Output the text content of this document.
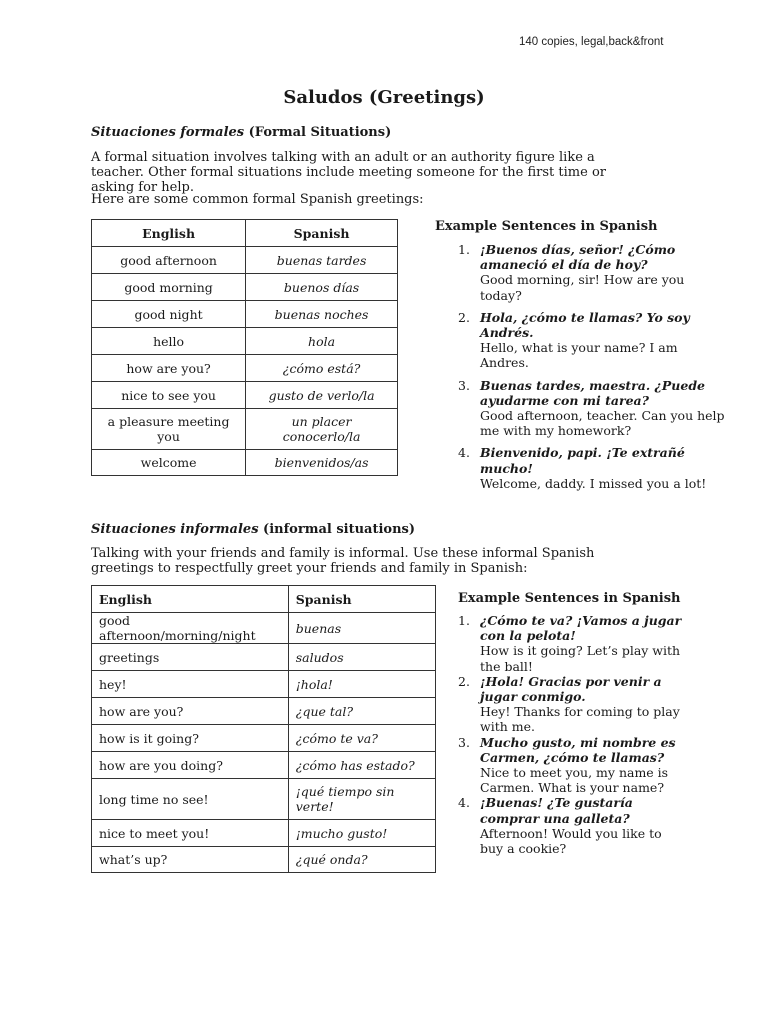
140 copies, legal,back&front
Saludos (Greetings)
Situaciones formales (Formal Situations)
A formal situation involves talking with an adult or an authority figure like a teacher. Other formal situations include meeting someone for the first time or asking for help.
Here are some common formal Spanish greetings:
English	Spanish
good afternoon	buenas tardes
good morning	buenos días
good night	buenas noches
hello	hola
how are you?	¿cómo está?
nice to see you	gusto de verlo/la
a pleasure meeting you	un placer conocerlo/la
welcome	bienvenidos/as
Example Sentences in Spanish
1. ¡Buenos días, señor! ¿Cómo amaneció el día de hoy?
Good morning, sir! How are you today?
2. Hola, ¿cómo te llamas? Yo soy Andrés.
Hello, what is your name? I am Andres.
3. Buenas tardes, maestra. ¿Puede ayudarme con mi tarea?
Good afternoon, teacher. Can you help me with my homework?
4. Bienvenido, papi. ¡Te extrañé mucho!
Welcome, daddy. I missed you a lot!
Situaciones informales (informal situations)
Talking with your friends and family is informal. Use these informal Spanish greetings to respectfully greet your friends and family in Spanish:
English	Spanish
good afternoon/morning/night	buenas
greetings	saludos
hey!	¡hola!
how are you?	¿que tal?
how is it going?	¿cómo te va?
how are you doing?	¿cómo has estado?
long time no see!	¡qué tiempo sin verte!
nice to meet you!	¡mucho gusto!
what’s up?	¿qué onda?
Example Sentences in Spanish
1. ¿Cómo te va? ¡Vamos a jugar con la pelota!
How is it going? Let’s play with the ball!
2. ¡Hola! Gracias por venir a jugar conmigo.
Hey! Thanks for coming to play with me.
3. Mucho gusto, mi nombre es Carmen, ¿cómo te llamas?
Nice to meet you, my name is Carmen. What is your name?
4. ¡Buenas! ¿Te gustaría comprar una galleta?
Afternoon! Would you like to buy a cookie?
